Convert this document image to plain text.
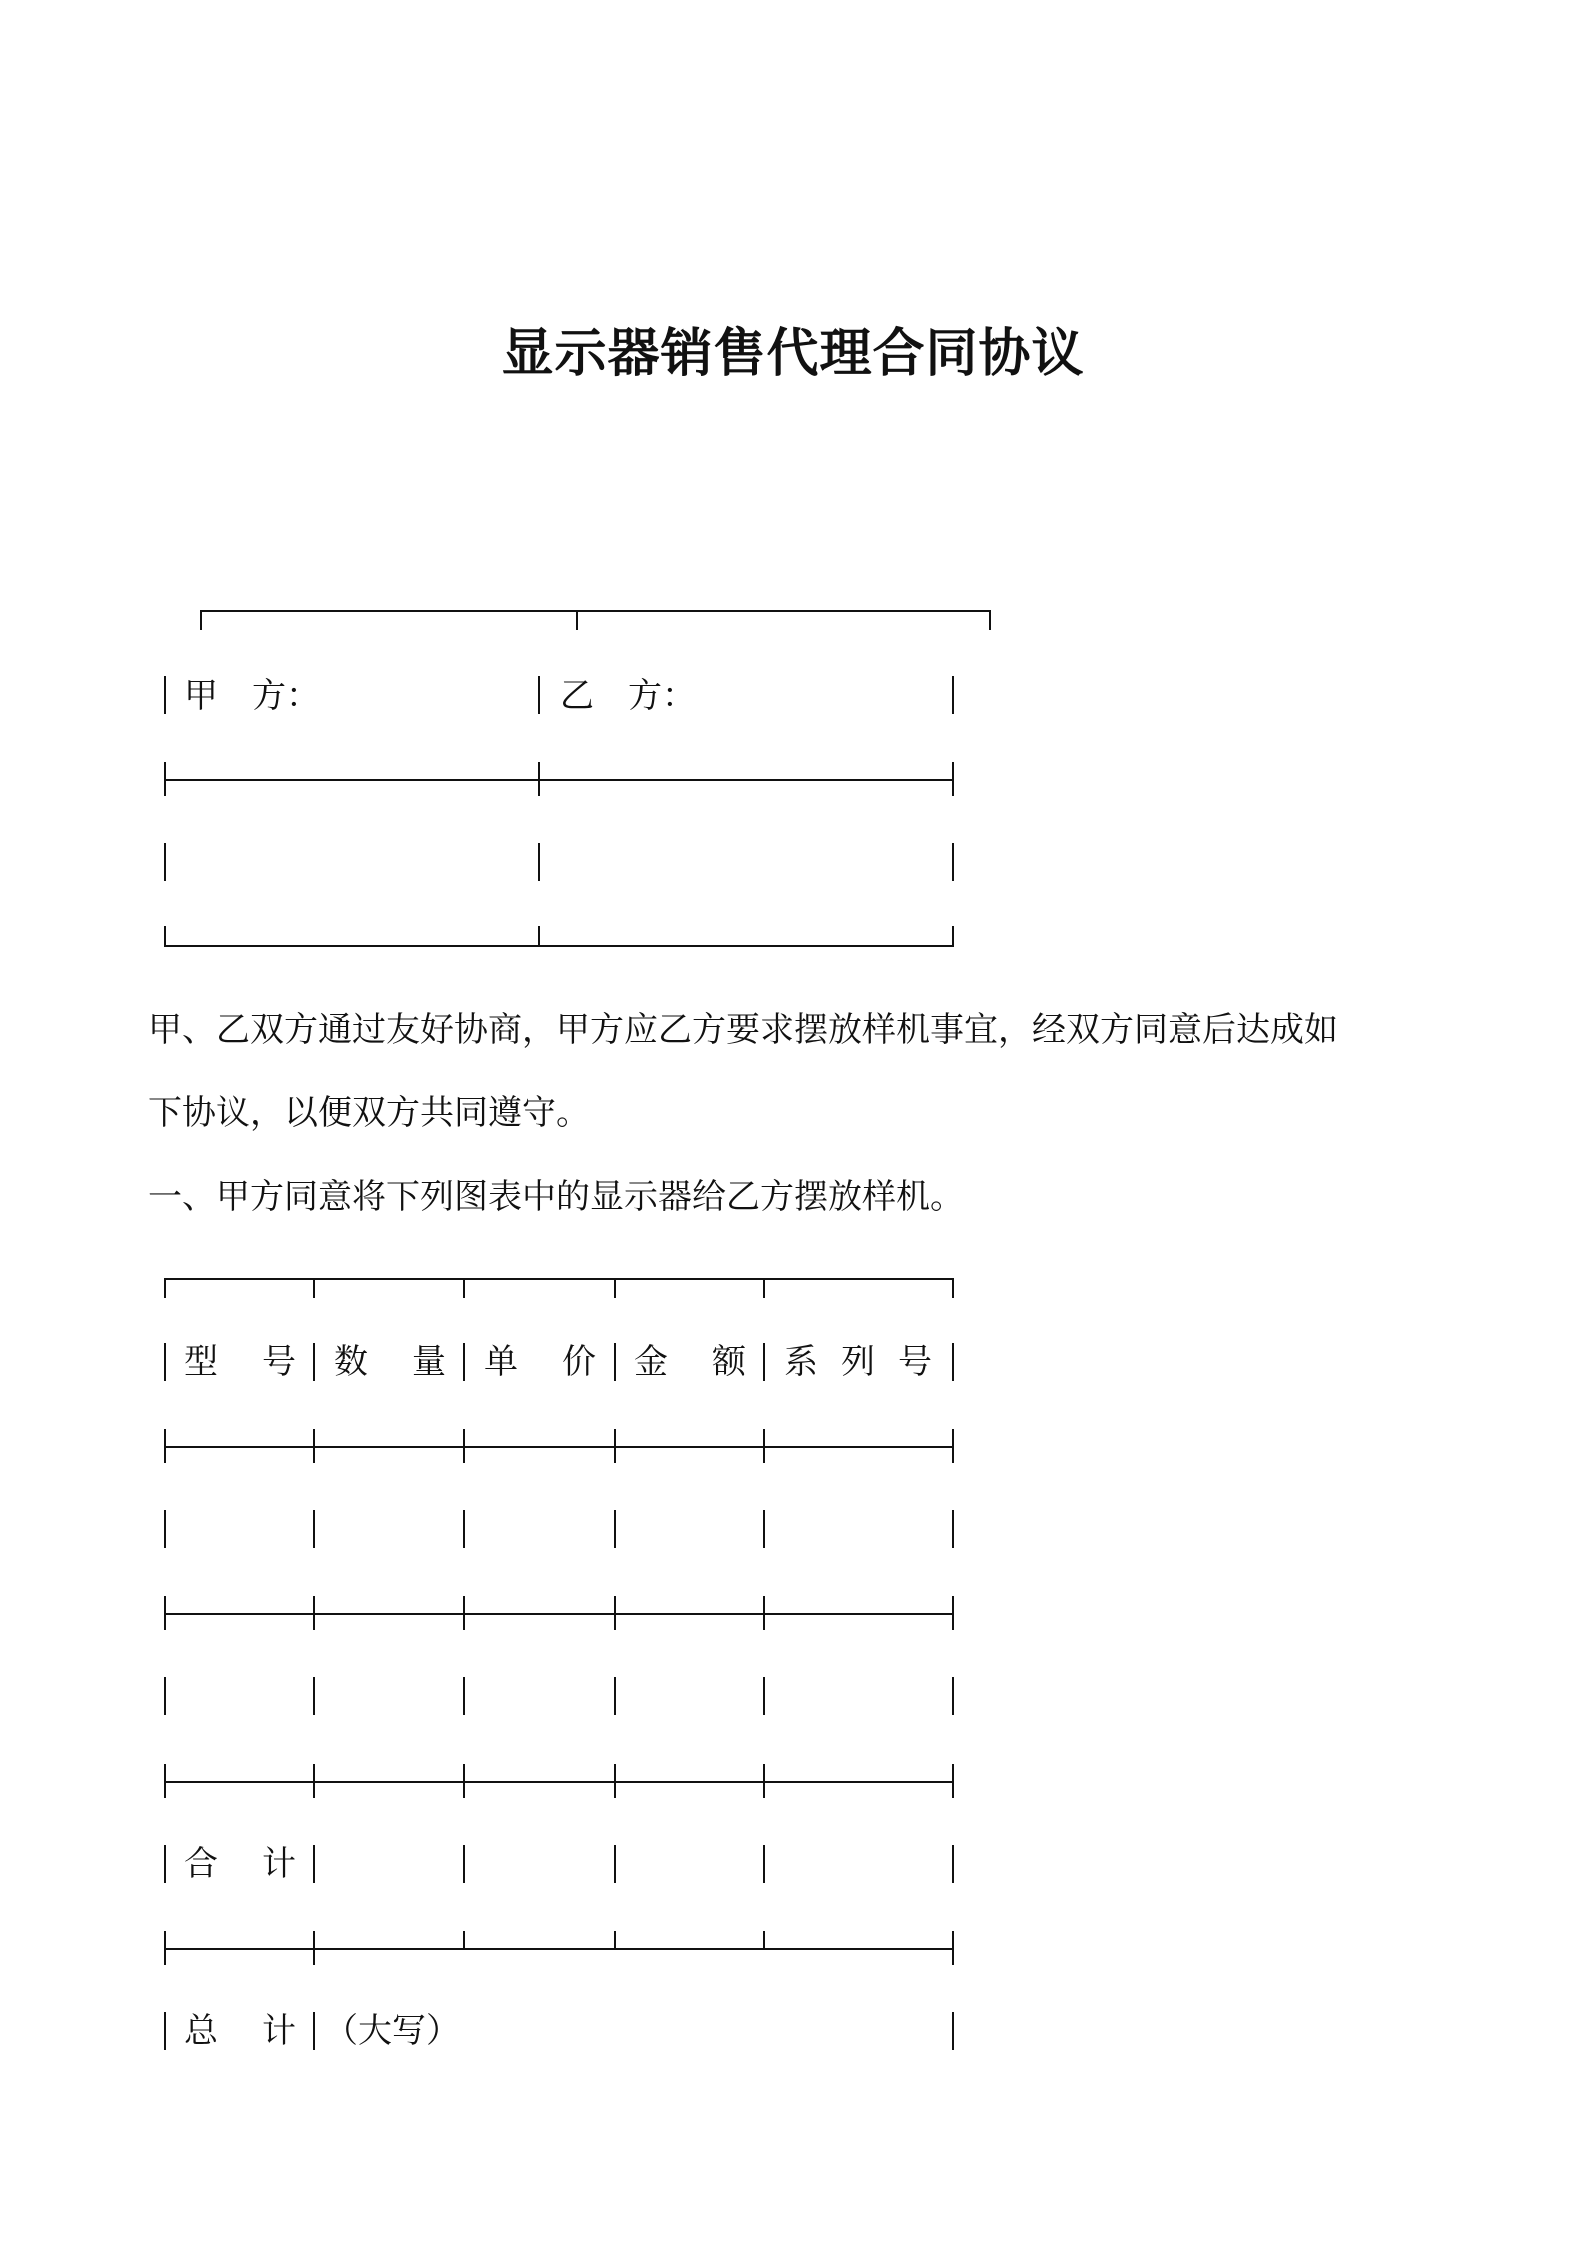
显示器销售代理合同协议
甲　方：	乙　方：
甲、乙双方通过友好协商，甲方应乙方要求摆放样机事宜，经双方同意后达成如
下协议，以便双方共同遵守。
一、甲方同意将下列图表中的显示器给乙方摆放样机。
型 号 数 量 单 价 金 额 系 列 号
合 计
总 计 （大写）
